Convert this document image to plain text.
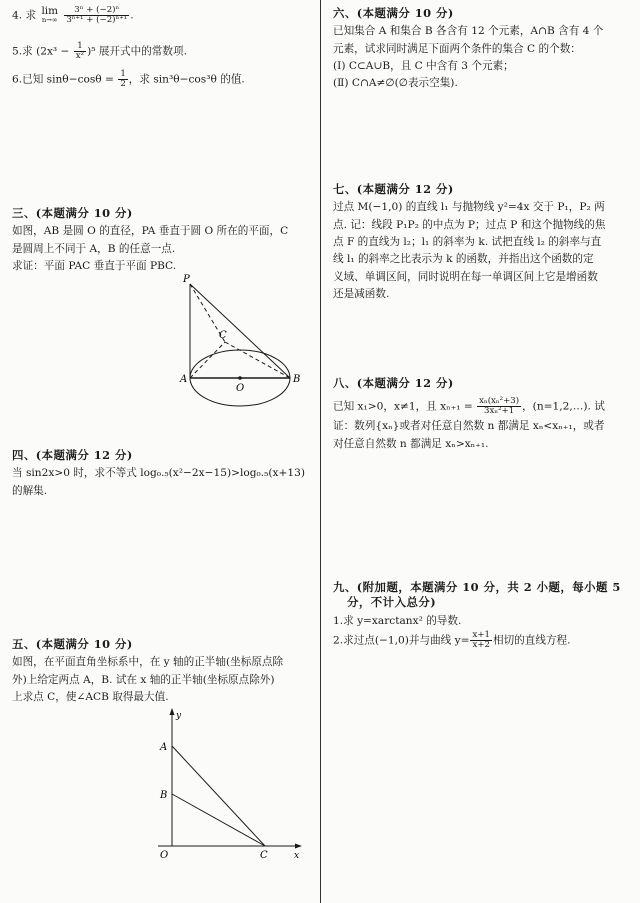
4. 求 lim
n→∞
$\frac{\text{3ⁿ + (−2)ⁿ}}{\text{3ⁿ⁺¹ + (−2)ⁿ⁺¹}}$ .
5.求 $(2x^3 - \frac{1}{\text{x²}} )^5$ 展开式中的常数项.
6.已知 $\sin\theta-\cos\theta = \frac{1}{2}$ ，求 sin³θ−cos³θ 的值.

三、(本题满分 10 分)

如图，AB 是圆 O 的直径，PA 垂直于圆 O 所在的平面，C

是圆周上不同于 A，B 的任意一点.

求证：平面 PAC 垂直于平面 PBC.

P
C
A
O
B

四、(本题满分 12 分)

当 sin2x>0 时，求不等式 log₀.₅(x²−2x−15)>log₀.₅(x+13)

的解集.

五、(本题满分 10 分)

如图，在平面直角坐标系中，在 y 轴的正半轴(坐标原点除

外)上给定两点 A，B. 试在 x 轴的正半轴(坐标原点除外)

上求点 C，使∠ACB 取得最大值.

y
A
B
O	C	x

六、(本题满分 10 分)

已知集合 A 和集合 B 各含有 12 个元素，A∩B 含有 4 个

元素，试求同时满足下面两个条件的集合 C 的个数：

(Ⅰ) C⊂A∪B，且 C 中含有 3 个元素；

(Ⅱ) C∩A≠∅(∅表示空集).

七、(本题满分 12 分)

过点 M(−1,0) 的直线 l₁ 与抛物线 y²=4x 交于 P₁，P₂ 两

点. 记：线段 P₁P₂ 的中点为 P；过点 P 和这个抛物线的焦

点 F 的直线为 l₂；l₁ 的斜率为 k. 试把直线 l₂ 的斜率与直

线 l₁ 的斜率之比表示为 k 的函数，并指出这个函数的定

义域、单调区间，同时说明在每一单调区间上它是增函数

还是减函数.

八、(本题满分 12 分)

已知 x₁>0，x≠1，且 $x_{n+1} = \frac{\text{xₙ(xₙ²+3)}}{\text{3xₙ²+1}}$ ，(n=1,2,…). 试

证：数列{xₙ}或者对任意自然数 n 都满足 xₙ<xₙ₊₁，或者

对任意自然数 n 都满足 xₙ>xₙ₊₁.

九、(附加题，本题满分 10 分，共 2 小题，每小题 5

分，不计入总分)

1.求 y=xarctanx² 的导数.

2.求过点(−1,0)并与曲线 $y= \frac{x+1}{x+2}$ 相切的直线方程.
